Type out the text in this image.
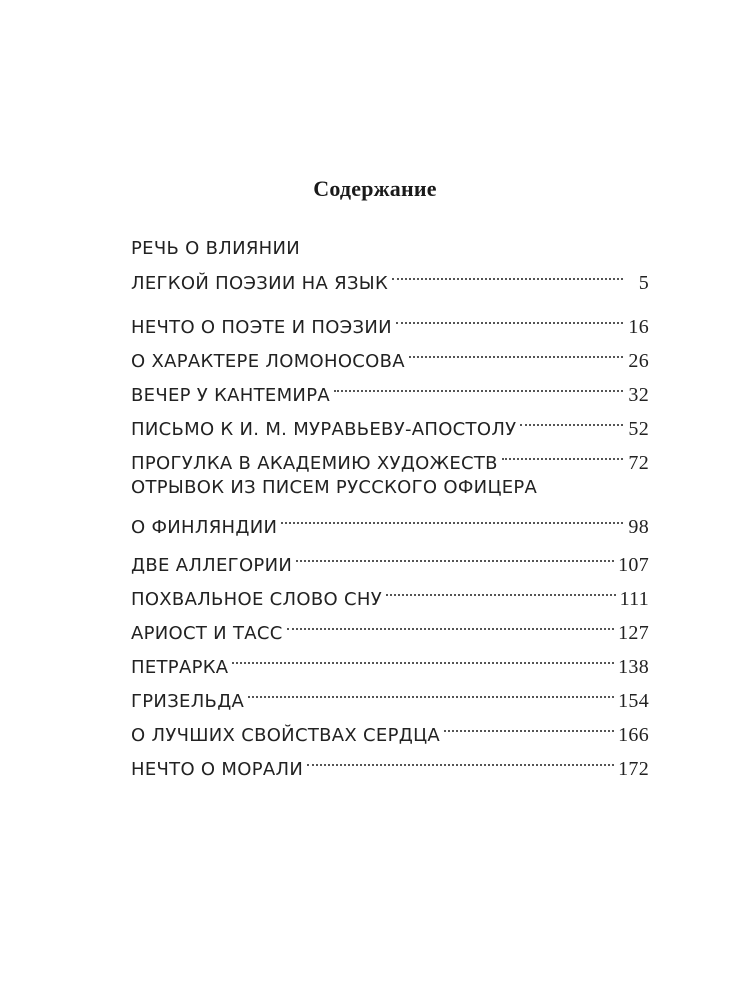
Содержание
РЕЧЬ О ВЛИЯНИИ
ЛЕГКОЙ ПОЭЗИИ НА ЯЗЫК	5
НЕЧТО О ПОЭТЕ И ПОЭЗИИ	16
О ХАРАКТЕРЕ ЛОМОНОСОВА	26
ВЕЧЕР У КАНТЕМИРА	32
ПИСЬМО К И. М. МУРАВЬЕВУ-АПОСТОЛУ	52
ПРОГУЛКА В АКАДЕМИЮ ХУДОЖЕСТВ	72
ОТРЫВОК ИЗ ПИСЕМ РУССКОГО ОФИЦЕРА
О ФИНЛЯНДИИ	98
ДВЕ АЛЛЕГОРИИ	107
ПОХВАЛЬНОЕ СЛОВО СНУ	111
АРИОСТ И ТАСС	127
ПЕТРАРКА	138
ГРИЗЕЛЬДА	154
О ЛУЧШИХ СВОЙСТВАХ СЕРДЦА	166
НЕЧТО О МОРАЛИ	172
